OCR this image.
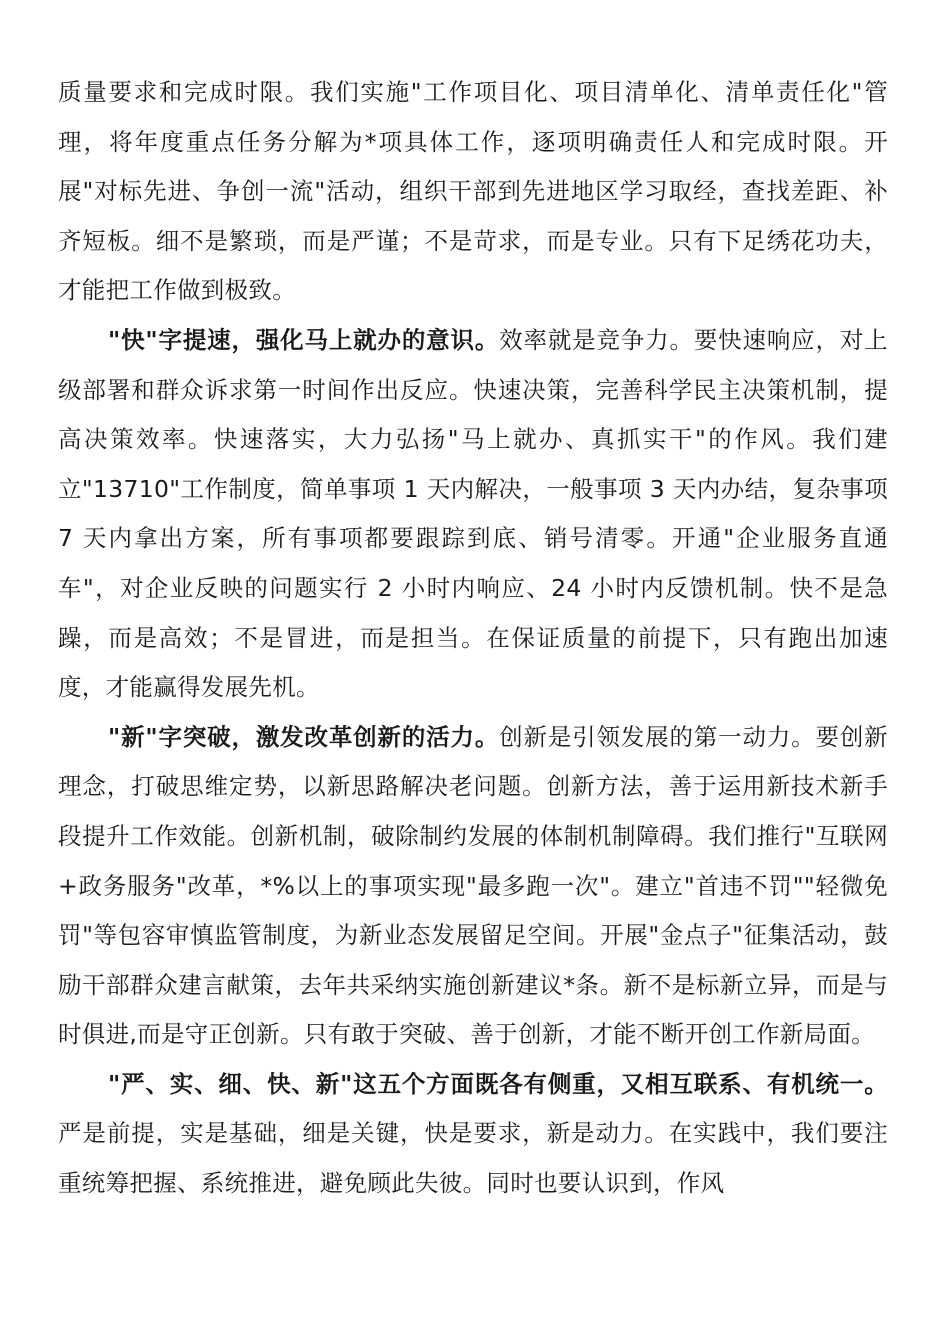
质量要求和完成时限。我们实施"工作项目化、项目清单化、清单责任化"管理，将年度重点任务分解为*项具体工作，逐项明确责任人和完成时限。开展"对标先进、争创一流"活动，组织干部到先进地区学习取经，查找差距、补齐短板。细不是繁琐，而是严谨；不是苛求，而是专业。只有下足绣花功夫，才能把工作做到极致。

"快"字提速，强化马上就办的意识。效率就是竞争力。要快速响应，对上级部署和群众诉求第一时间作出反应。快速决策，完善科学民主决策机制，提高决策效率。快速落实，大力弘扬"马上就办、真抓实干"的作风。我们建立"13710"工作制度，简单事项 1 天内解决，一般事项 3 天内办结，复杂事项 7 天内拿出方案，所有事项都要跟踪到底、销号清零。开通"企业服务直通车"，对企业反映的问题实行 2 小时内响应、24 小时内反馈机制。快不是急躁，而是高效；不是冒进，而是担当。在保证质量的前提下，只有跑出加速度，才能赢得发展先机。

"新"字突破，激发改革创新的活力。创新是引领发展的第一动力。要创新理念，打破思维定势，以新思路解决老问题。创新方法，善于运用新技术新手段提升工作效能。创新机制，破除制约发展的体制机制障碍。我们推行"互联网+政务服务"改革，*%以上的事项实现"最多跑一次"。建立"首违不罚""轻微免罚"等包容审慎监管制度，为新业态发展留足空间。开展"金点子"征集活动，鼓励干部群众建言献策，去年共采纳实施创新建议*条。新不是标新立异，而是与时俱进,而是守正创新。只有敢于突破、善于创新，才能不断开创工作新局面。

"严、实、细、快、新"这五个方面既各有侧重，又相互联系、有机统一。严是前提，实是基础，细是关键，快是要求，新是动力。在实践中，我们要注重统筹把握、系统推进，避免顾此失彼。同时也要认识到，作风
